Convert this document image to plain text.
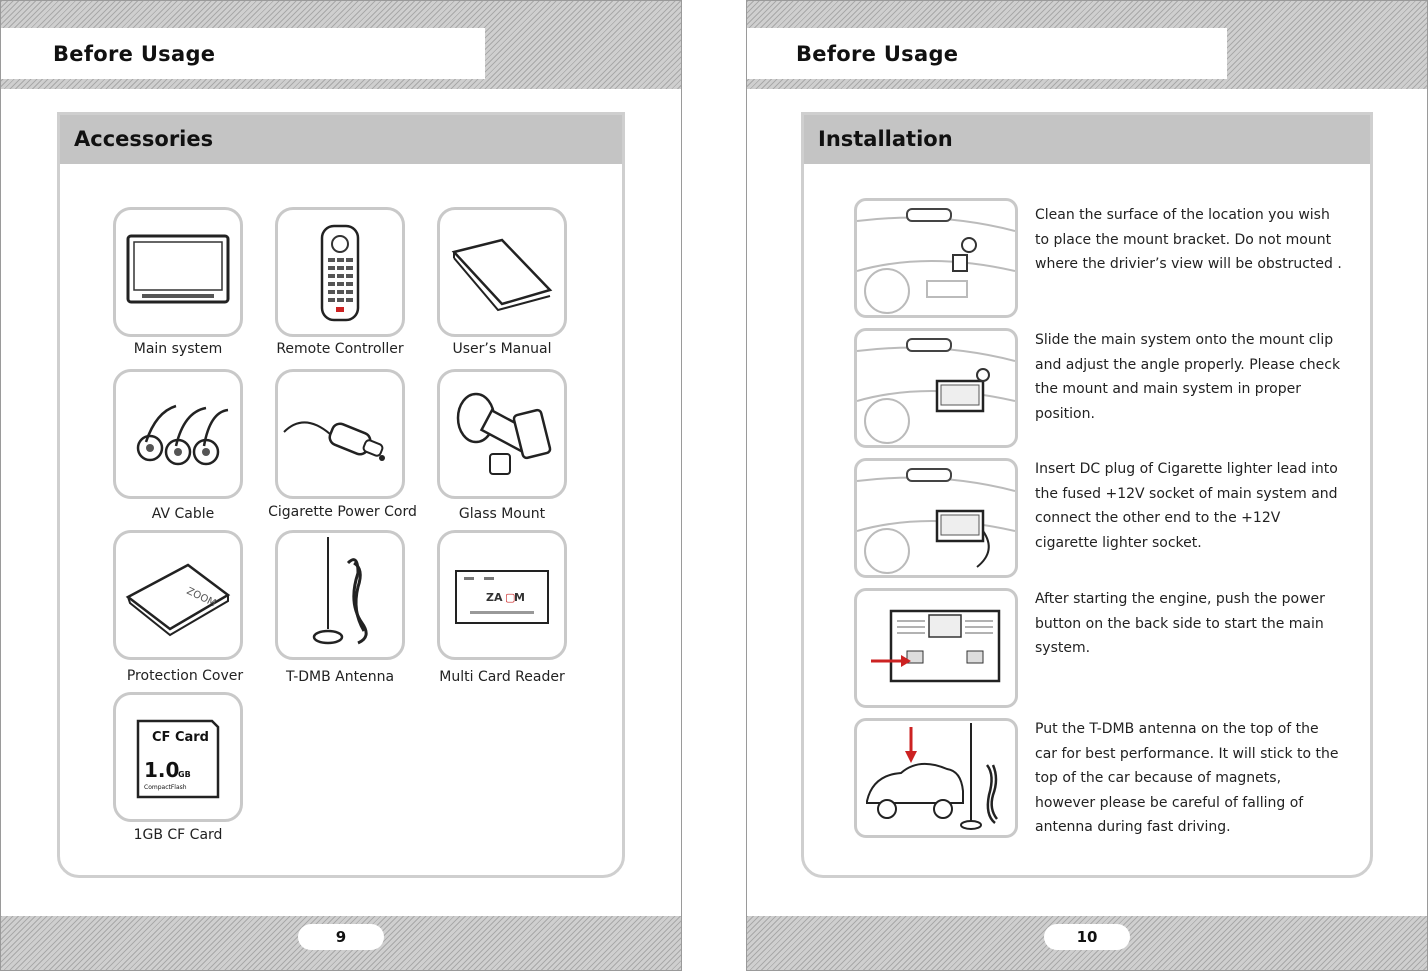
Before Usage
Accessories
Main system	Remote Controller	User’s Manual
AV Cable	Cigarette Power Cord	Glass Mount
ZOOM
Protection Cover	T-DMB Antenna
ZA ▢
M
Multi Card Reader
CF Card
1.0
GB
CompactFlash
1GB CF Card
9
Before Usage
Installation
Clean the surface of the location you wish to place the mount bracket. Do not mount where the drivier’s view will be obstructed .
Slide the main system onto the mount clip and adjust the angle properly. Please check the mount and main system in proper position.
Insert DC plug of Cigarette lighter lead into the fused +12V socket of main system and connect the other end to the +12V cigarette lighter socket.
After starting the engine, push the power button on the back side to start the main system.
Put the T-DMB antenna on the top of the car for best performance. It will stick to the top of the car because of magnets, however please be careful of falling of antenna during fast driving.
10
